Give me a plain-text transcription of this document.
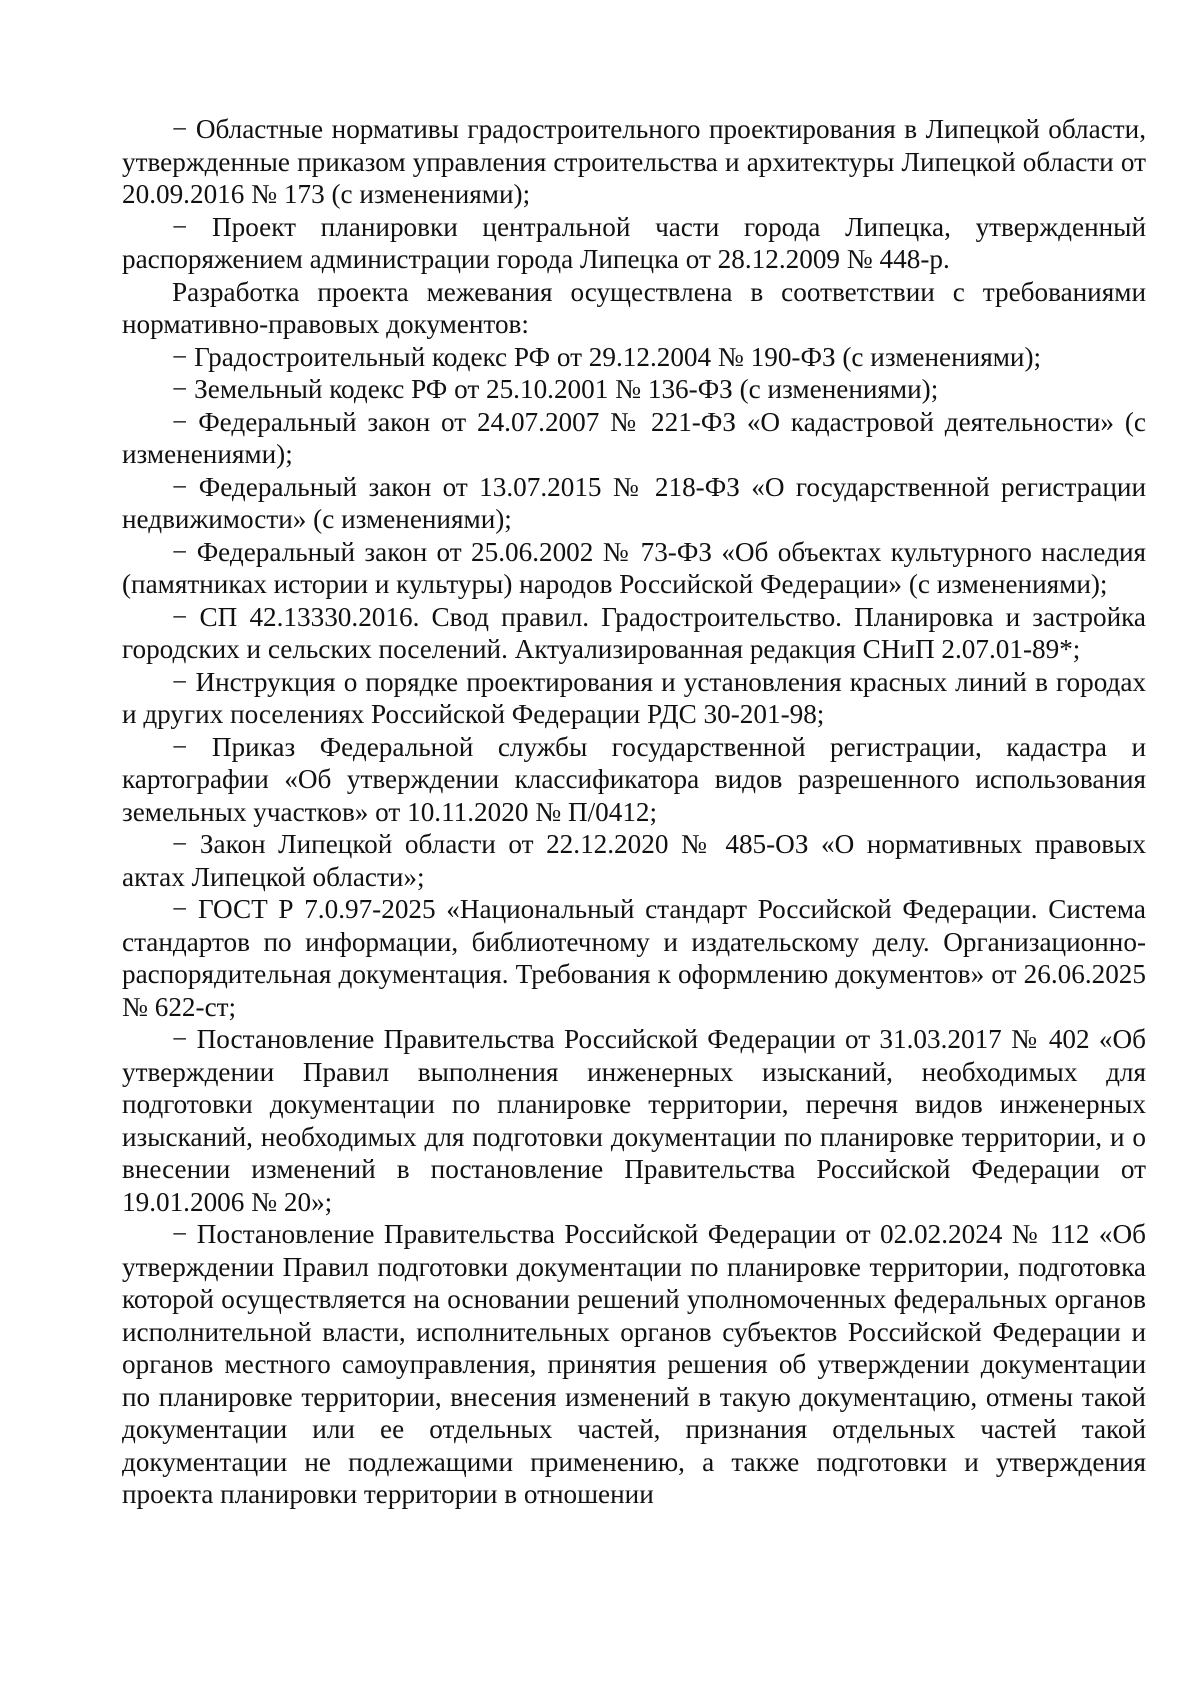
− Областные нормативы градостроительного проектирования в Липецкой области, утвержденные приказом управления строительства и архитектуры Липецкой области от 20.09.2016 № 173 (с изменениями);

− Проект планировки центральной части города Липецка, утвержденный распоряжением администрации города Липецка от 28.12.2009 № 448-р.

Разработка проекта межевания осуществлена в соответствии с требованиями нормативно-правовых документов:

− Градостроительный кодекс РФ от 29.12.2004 № 190-ФЗ (с изменениями);

− Земельный кодекс РФ от 25.10.2001 № 136-ФЗ (с изменениями);

− Федеральный закон от 24.07.2007 № 221-ФЗ «О кадастровой деятельности» (с изменениями);

− Федеральный закон от 13.07.2015 № 218-ФЗ «О государственной регистрации недвижимости» (с изменениями);

− Федеральный закон от 25.06.2002 № 73-ФЗ «Об объектах культурного наследия (памятниках истории и культуры) народов Российской Федерации» (с изменениями);

− СП 42.13330.2016. Свод правил. Градостроительство. Планировка и застройка городских и сельских поселений. Актуализированная редакция СНиП 2.07.01-89*;

− Инструкция о порядке проектирования и установления красных линий в городах и других поселениях Российской Федерации РДС 30-201-98;

− Приказ Федеральной службы государственной регистрации, кадастра и картографии «Об утверждении классификатора видов разрешенного использования земельных участков» от 10.11.2020 № П/0412;

− Закон Липецкой области от 22.12.2020 № 485-ОЗ «О нормативных правовых актах Липецкой области»;

− ГОСТ Р 7.0.97-2025 «Национальный стандарт Российской Федерации. Система стандартов по информации, библиотечному и издательскому делу. Организационно-распорядительная документация. Требования к оформлению документов» от 26.06.2025 № 622-ст;

− Постановление Правительства Российской Федерации от 31.03.2017 № 402 «Об утверждении Правил выполнения инженерных изысканий, необходимых для подготовки документации по планировке территории, перечня видов инженерных изысканий, необходимых для подготовки документации по планировке территории, и о внесении изменений в постановление Правительства Российской Федерации от 19.01.2006 № 20»;

− Постановление Правительства Российской Федерации от 02.02.2024 № 112 «Об утверждении Правил подготовки документации по планировке территории, подготовка которой осуществляется на основании решений уполномоченных федеральных органов исполнительной власти, исполнительных органов субъектов Российской Федерации и органов местного самоуправления, принятия решения об утверждении документации по планировке территории, внесения изменений в такую документацию, отмены такой документации или ее отдельных частей, признания отдельных частей такой документации не подлежащими применению, а также подготовки и утверждения проекта планировки территории в отношении
